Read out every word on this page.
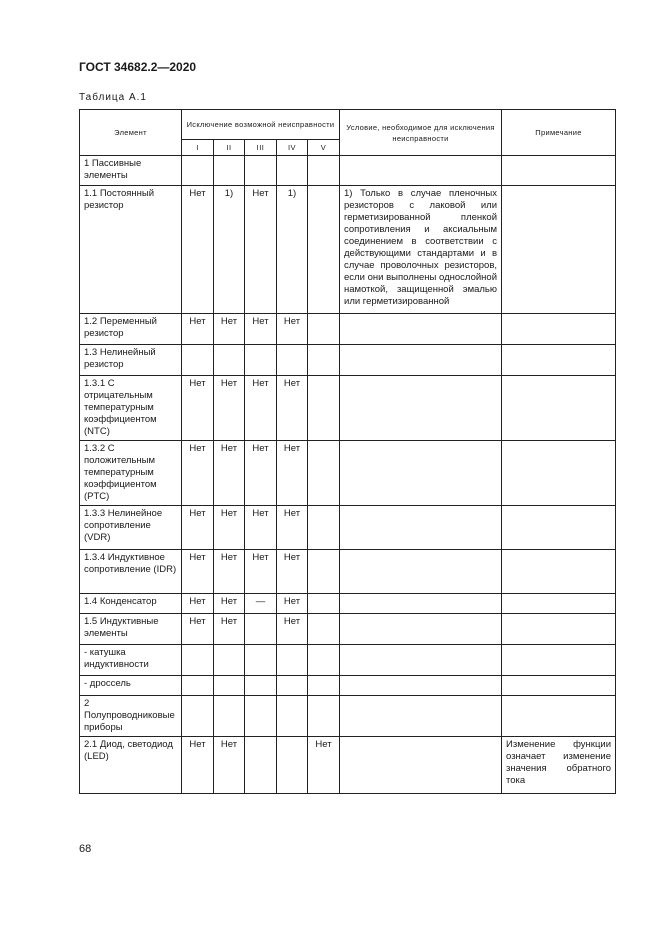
ГОСТ 34682.2—2020
Таблица А.1
Элемент	Исключение возможной неисправности					Условие, необходимое для исключения неисправности	Примечание
	I	II	III	IV	V		
1 Пассивные элементы							
1.1 Постоянный резистор	Нет	1)	Нет	1)		1) Только в случае пленочных резисторов с лаковой или герметизированной пленкой сопротивления и аксиальным соединением в соответствии с действующими стандартами и в случае проволочных резисторов, если они выполнены однослойной намоткой, защищенной эмалью или герметизированной	
1.2 Переменный резистор	Нет	Нет	Нет	Нет			
1.3 Нелинейный резистор							
1.3.1 С отрицательным температурным коэффициентом (NTC)	Нет	Нет	Нет	Нет			
1.3.2 С положительным температурным коэффициентом (PTC)	Нет	Нет	Нет	Нет			
1.3.3 Нелинейное сопротивление (VDR)	Нет	Нет	Нет	Нет			
1.3.4 Индуктивное сопротивление (IDR)	Нет	Нет	Нет	Нет			
1.4 Конденсатор	Нет	Нет	—	Нет			
1.5 Индуктивные элементы	Нет	Нет		Нет			
- катушка индуктивности							
- дроссель							
2 Полупроводниковые приборы							
2.1 Диод, светодиод (LED)	Нет	Нет			Нет		Изменение функции означает изменение значения обратного тока
68
